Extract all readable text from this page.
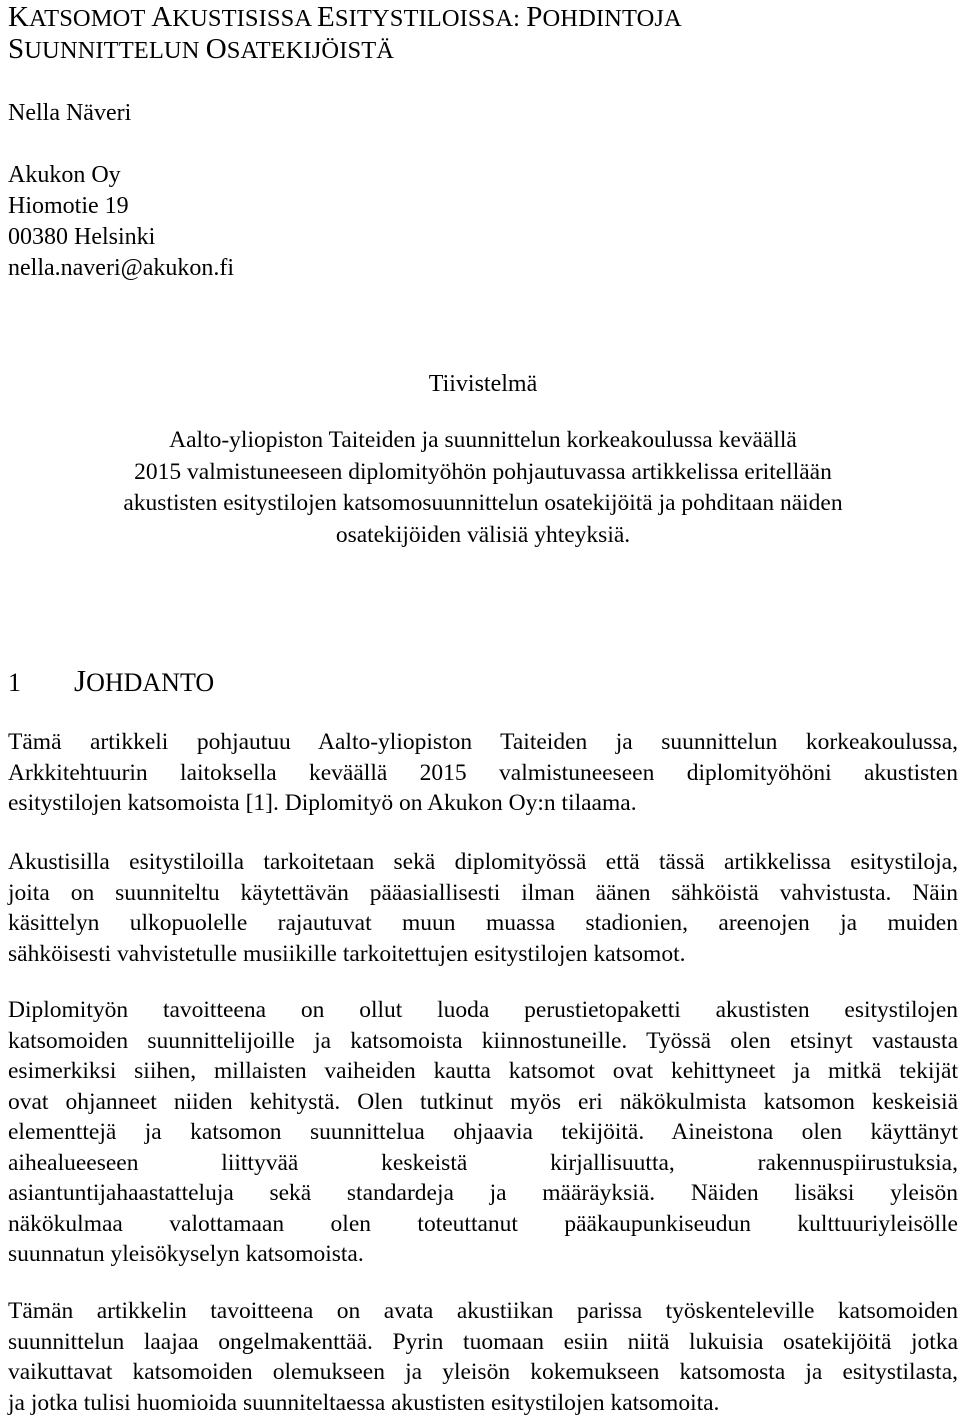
KATSOMOT AKUSTISISSA ESITYSTILOISSA: POHDINTOJA
SUUNNITTELUN OSATEKIJÖISTÄ
Nella Näveri
Akukon Oy
Hiomotie 19
00380 Helsinki
nella.naveri@akukon.fi
Tiivistelmä
Aalto-yliopiston Taiteiden ja suunnittelun korkeakoulussa keväällä
2015 valmistuneeseen diplomityöhön pohjautuvassa artikkelissa eritellään
akustisten esitystilojen katsomosuunnittelun osatekijöitä ja pohditaan näiden
osatekijöiden välisiä yhteyksiä.
1 JOHDANTO
Tämä artikkeli pohjautuu Aalto-yliopiston Taiteiden ja suunnittelun korkeakoulussa,
Arkkitehtuurin laitoksella keväällä 2015 valmistuneeseen diplomityöhöni akustisten
esitystilojen katsomoista [1]. Diplomityö on Akukon Oy:n tilaama.
Akustisilla esitystiloilla tarkoitetaan sekä diplomityössä että tässä artikkelissa esitystiloja,
joita on suunniteltu käytettävän pääasiallisesti ilman äänen sähköistä vahvistusta. Näin
käsittelyn ulkopuolelle rajautuvat muun muassa stadionien, areenojen ja muiden
sähköisesti vahvistetulle musiikille tarkoitettujen esitystilojen katsomot.
Diplomityön tavoitteena on ollut luoda perustietopaketti akustisten esitystilojen
katsomoiden suunnittelijoille ja katsomoista kiinnostuneille. Työssä olen etsinyt vastausta
esimerkiksi siihen, millaisten vaiheiden kautta katsomot ovat kehittyneet ja mitkä tekijät
ovat ohjanneet niiden kehitystä. Olen tutkinut myös eri näkökulmista katsomon keskeisiä
elementtejä ja katsomon suunnittelua ohjaavia tekijöitä. Aineistona olen käyttänyt
aihealueeseen liittyvää keskeistä kirjallisuutta, rakennuspiirustuksia,
asiantuntijahaastatteluja sekä standardeja ja määräyksiä. Näiden lisäksi yleisön
näkökulmaa valottamaan olen toteuttanut pääkaupunkiseudun kulttuuriyleisölle
suunnatun yleisökyselyn katsomoista.
Tämän artikkelin tavoitteena on avata akustiikan parissa työskenteleville katsomoiden
suunnittelun laajaa ongelmakenttää. Pyrin tuomaan esiin niitä lukuisia osatekijöitä jotka
vaikuttavat katsomoiden olemukseen ja yleisön kokemukseen katsomosta ja esitystilasta,
ja jotka tulisi huomioida suunniteltaessa akustisten esitystilojen katsomoita.
